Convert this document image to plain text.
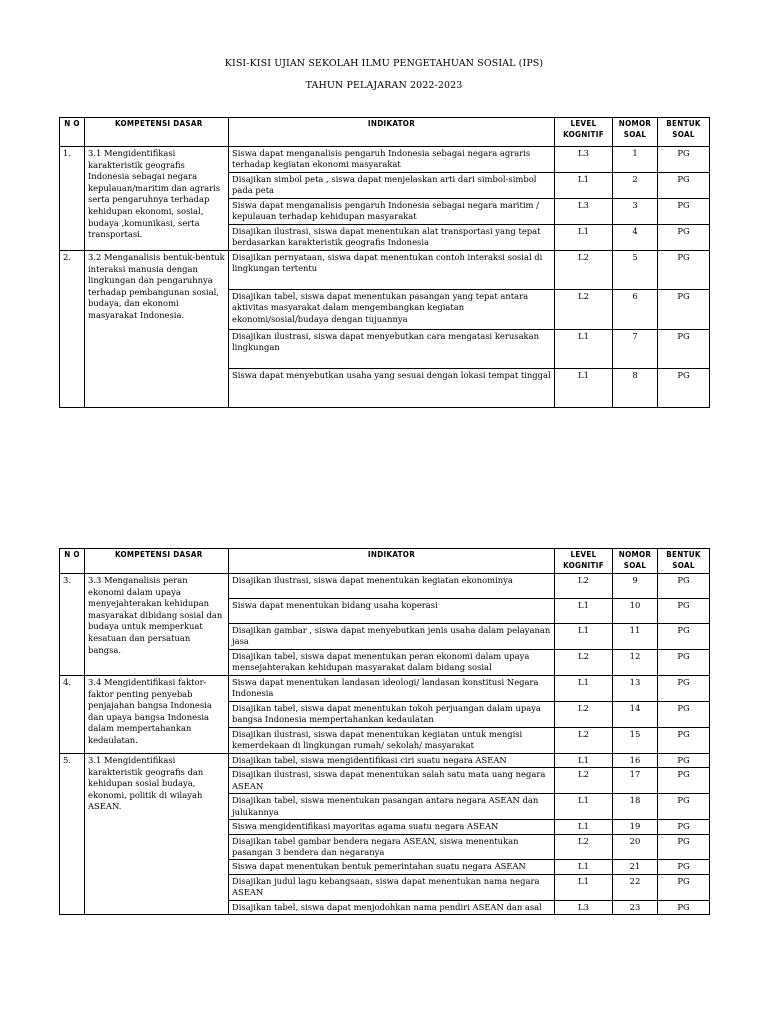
KISI-KISI UJIAN SEKOLAH ILMU PENGETAHUAN SOSIAL (IPS)
TAHUN PELAJARAN 2022-2023
N O	KOMPETENSI DASAR	INDIKATOR	LEVEL KOGNITIF	NOMOR SOAL	BENTUK SOAL
1.	3.1 Mengidentifikasi karakteristik geografis Indonesia sebagai negara kepulauan/maritim dan agraris serta pengaruhnya terhadap kehidupan ekonomi, sosial, budaya ,komunikasi, serta transportasi.	Siswa dapat menganalisis pengaruh Indonesia sebagai negara agraris terhadap kegiatan ekonomi masyarakat	L3	1	PG
		Disajikan simbol peta , siswa dapat menjelaskan arti dari simbol-simbol pada peta	L1	2	PG
		Siswa dapat menganalisis pengaruh Indonesia sebagai negara maritim / kepulauan terhadap kehidupan masyarakat	L3	3	PG
		Disajikan ilustrasi, siswa dapat menentukan alat transportasi yang tepat berdasarkan karakteristik geografis Indonesia	L1	4	PG
2.	3.2 Menganalisis bentuk-bentuk interaksi manusia dengan lingkungan dan pengaruhnya terhadap pembangunan sosial, budaya, dan ekonomi masyarakat Indonesia.	Disajikan pernyataan, siswa dapat menentukan contoh interaksi sosial di lingkungan tertentu	L2	5	PG
		Disajikan tabel, siswa dapat menentukan pasangan yang tepat antara aktivitas masyarakat dalam mengembangkan kegiatan ekonomi/sosial/budaya dengan tujuannya	L2	6	PG
		Disajikan ilustrasi, siswa dapat menyebutkan cara mengatasi kerusakan lingkungan	L1	7	PG
		Siswa dapat menyebutkan usaha yang sesuai dengan lokasi tempat tinggal	L1	8	PG
N O	KOMPETENSI DASAR	INDIKATOR	LEVEL KOGNITIF	NOMOR SOAL	BENTUK SOAL
3.	3.3 Menganalisis peran ekonomi dalam upaya menyejahterakan kehidupan masyarakat dibidang sosial dan budaya untuk memperkuat kesatuan dan persatuan bangsa.	Disajikan ilustrasi, siswa dapat menentukan kegiatan ekonominya	L2	9	PG
		Siswa dapat menentukan bidang usaha koperasi	L1	10	PG
		Disajikan gambar , siswa dapat menyebutkan jenis usaha dalam pelayanan jasa	L1	11	PG
		Disajikan tabel, siswa dapat menentukan peran ekonomi dalam upaya mensejahterakan kehidupan masyarakat dalam bidang sosial	L2	12	PG
4.	3.4 Mengidentifikasi faktor-faktor penting penyebab penjajahan bangsa Indonesia dan upaya bangsa Indonesia dalam mempertahankan kedaulatan.	Siswa dapat menentukan landasan ideologi/ landasan konstitusi Negara Indonesia	L1	13	PG
		Disajikan tabel, siswa dapat menentukan tokoh perjuangan dalam upaya bangsa Indonesia mempertahankan kedaulatan	L2	14	PG
		Disajikan ilustrasi, siswa dapat menentukan kegiatan untuk mengisi kemerdekaan di lingkungan rumah/ sekolah/ masyarakat	L2	15	PG
5.	3.1 Mengidentifikasi karakteristik geografis dan kehidupan sosial budaya, ekonomi, politik di wilayah ASEAN.	Disajikan tabel, siswa mengidentifikasi ciri suatu negara ASEAN	L1	16	PG
		Disajikan ilustrasi, siswa dapat menentukan salah satu mata uang negara ASEAN	L2	17	PG
		Disajikan tabel, siswa menentukan pasangan antara negara ASEAN dan julukannya	L1	18	PG
		Siswa mengidentifikasi mayoritas agama suatu negara ASEAN	L1	19	PG
		Disajikan tabel gambar bendera negara ASEAN, siswa menentukan pasangan 3 bendera dan negaranya	L2	20	PG
		Siswa dapat menentukan bentuk pemerintahan suatu negara ASEAN	L1	21	PG
		Disajikan judul lagu kebangsaan, siswa dapat menentukan nama negara ASEAN	L1	22	PG
		Disajikan tabel, siswa dapat menjodohkan nama pendiri ASEAN dan asal	L3	23	PG
